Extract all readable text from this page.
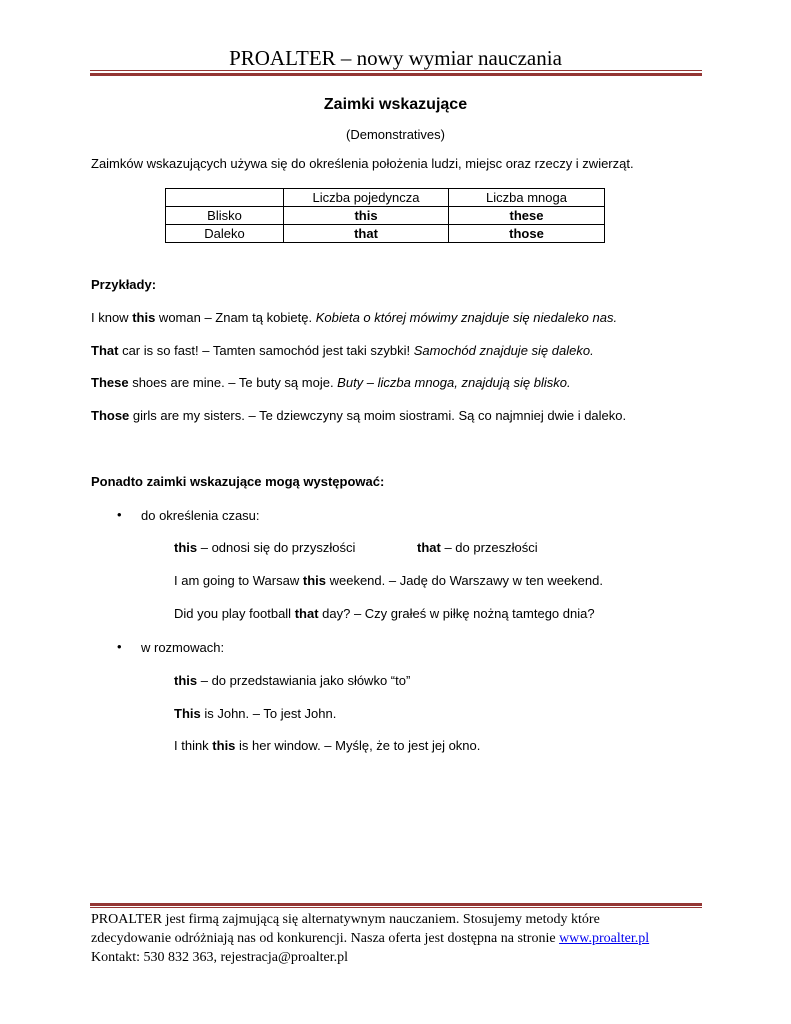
PROALTER – nowy wymiar nauczania
Zaimki wskazujące
(Demonstratives)
Zaimków wskazujących używa się do określenia położenia ludzi, miejsc oraz rzeczy i zwierząt.
	Liczba pojedyncza	Liczba mnoga
Blisko	this	these
Daleko	that	those
Przykłady:
I know this woman – Znam tą kobietę. Kobieta o której mówimy znajduje się niedaleko nas.
That car is so fast! – Tamten samochód jest taki szybki! Samochód znajduje się daleko.
These shoes are mine. – Te buty są moje. Buty – liczba mnoga, znajdują się blisko.
Those girls are my sisters. – Te dziewczyny są moim siostrami. Są co najmniej dwie i daleko.
Ponadto zaimki wskazujące mogą występować:
• do określenia czasu:
this – odnosi się do przyszłości	that – do przeszłości
I am going to Warsaw this weekend. – Jadę do Warszawy w ten weekend.
Did you play football that day? – Czy grałeś w piłkę nożną tamtego dnia?
• w rozmowach:
this – do przedstawiania jako słówko “to”
This is John. – To jest John.
I think this is her window. – Myślę, że to jest jej okno.
PROALTER jest firmą zajmującą się alternatywnym nauczaniem. Stosujemy metody które
zdecydowanie odróżniają nas od konkurencji. Nasza oferta jest dostępna na stronie www.proalter.pl
Kontakt: 530 832 363, rejestracja@proalter.pl
